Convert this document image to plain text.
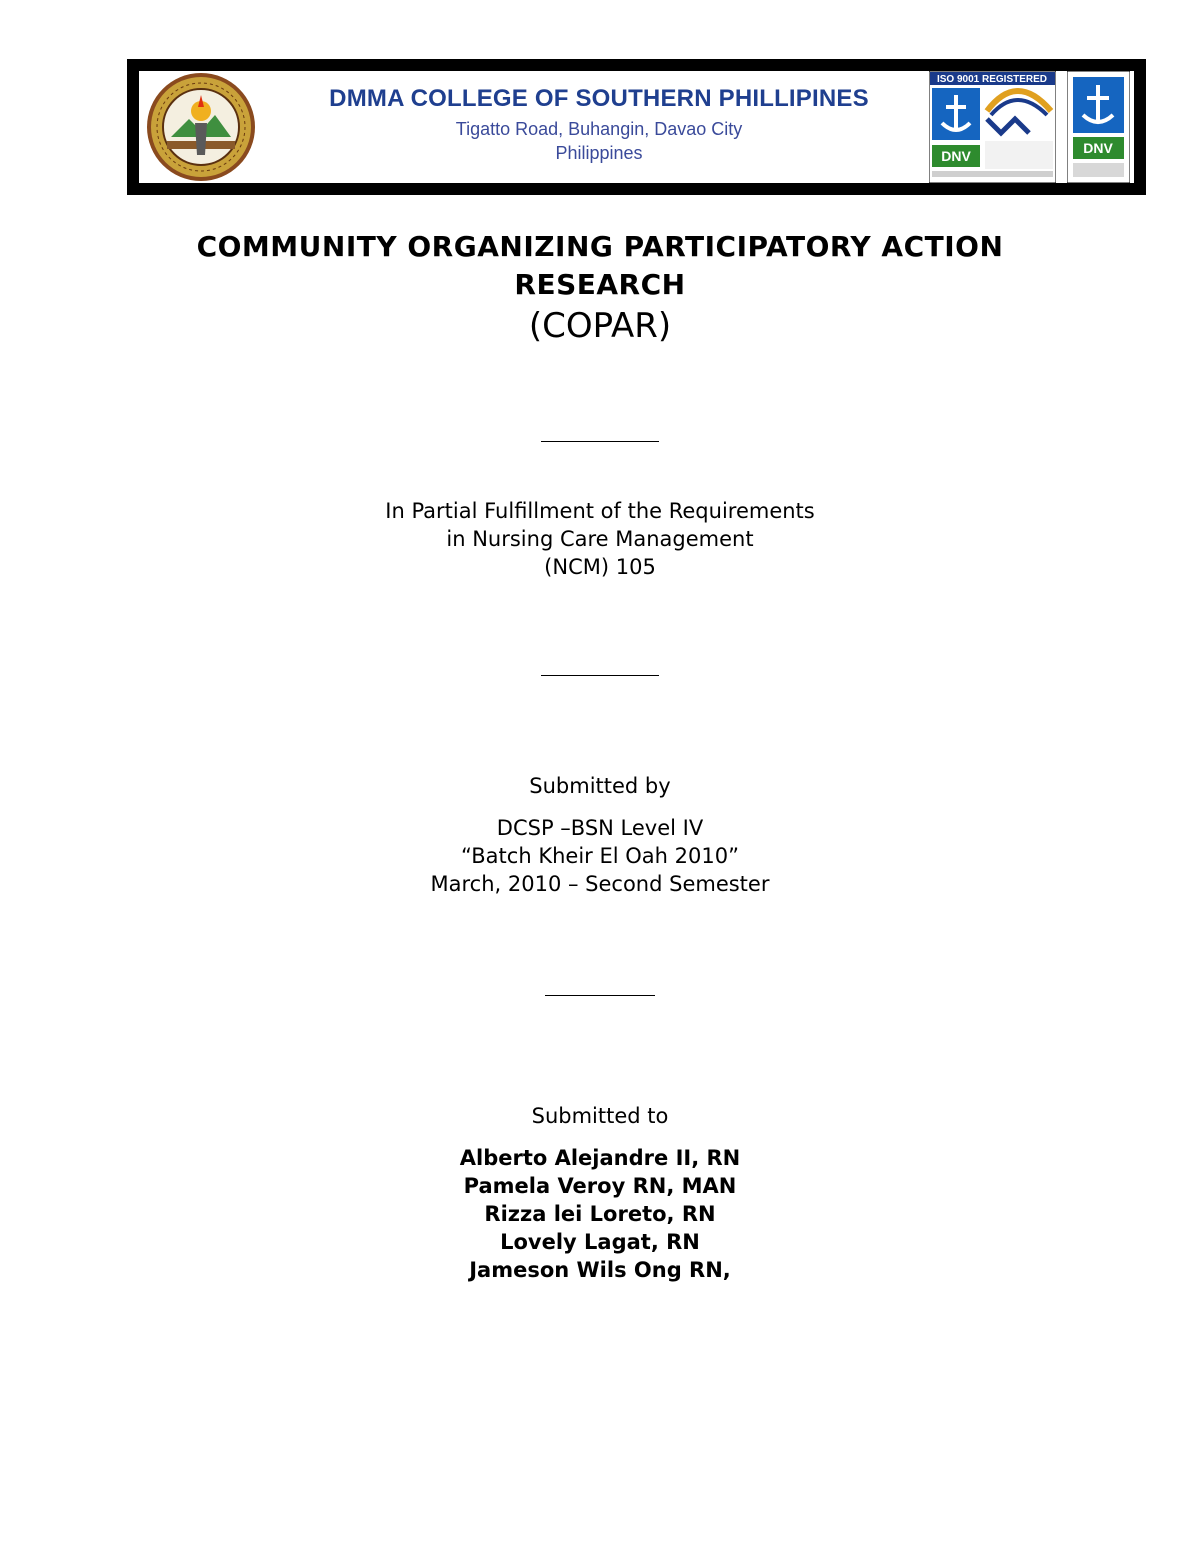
DMMA COLLEGE OF SOUTHERN PHILLIPINES
Tigatto Road, Buhangin, Davao City
Philippines
ISO 9001 REGISTERED
DNV	DNV
COMMUNITY ORGANIZING PARTICIPATORY ACTION
RESEARCH
(COPAR)
In Partial Fulfillment of the Requirements
in Nursing Care Management
(NCM) 105
Submitted by
DCSP –BSN Level IV
“Batch Kheir El Oah 2010”
March, 2010 – Second Semester
Submitted to
Alberto Alejandre II, RN
Pamela Veroy RN, MAN
Rizza lei Loreto, RN
Lovely Lagat, RN
Jameson Wils Ong RN,
